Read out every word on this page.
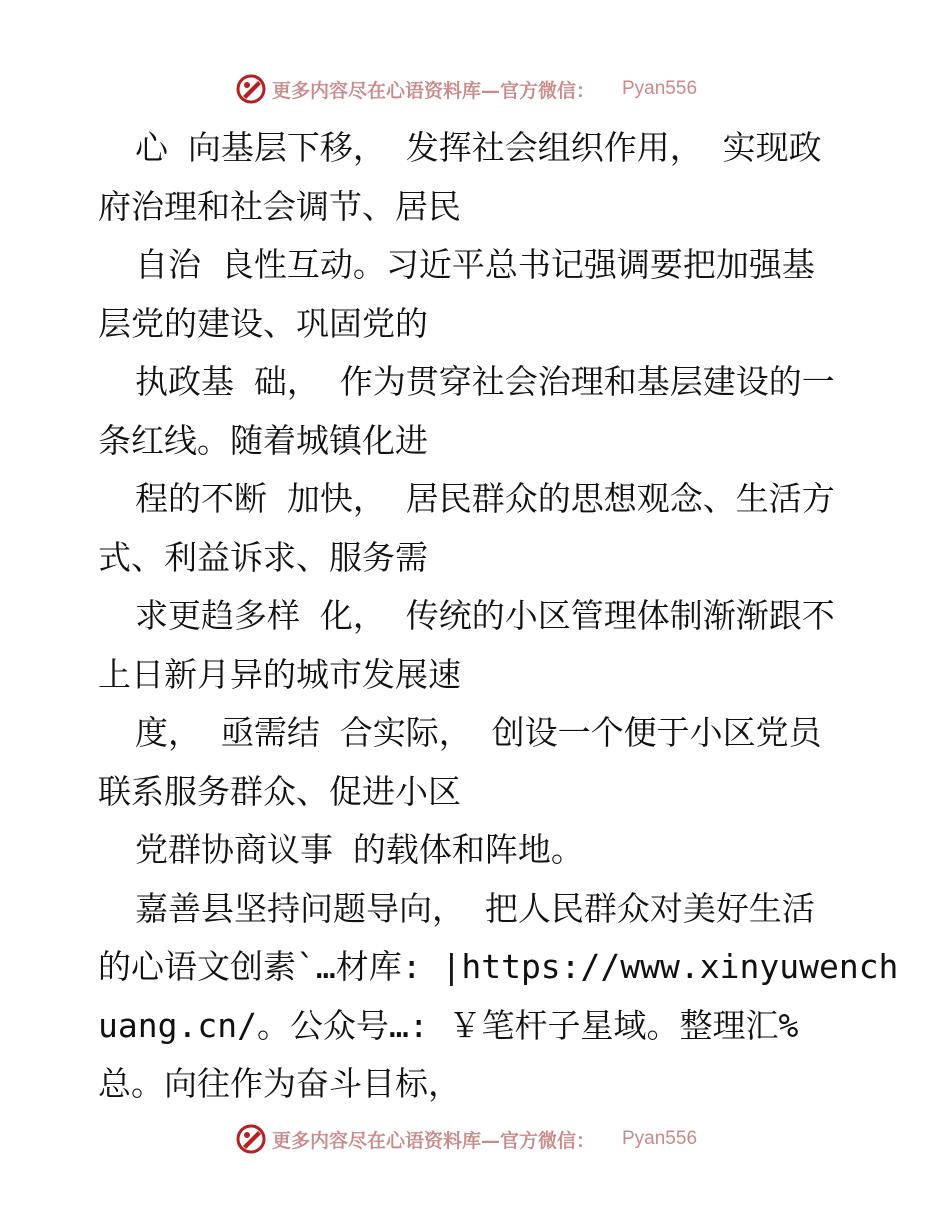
更多内容尽在心语资料库—官方微信： Pyan556
心 向基层下移， 发挥社会组织作用， 实现政
府治理和社会调节、居民
自治 良性互动。习近平总书记强调要把加强基
层党的建设、巩固党的
执政基 础， 作为贯穿社会治理和基层建设的一
条红线。随着城镇化进
程的不断 加快， 居民群众的思想观念、生活方
式、利益诉求、服务需
求更趋多样 化， 传统的小区管理体制渐渐跟不
上日新月异的城市发展速
度， 亟需结 合实际， 创设一个便于小区党员
联系服务群众、促进小区
党群协商议事 的载体和阵地。
嘉善县坚持问题导向， 把人民群众对美好生活
的心语文创素`…材库: |https://www.xinyuwench
uang.cn/。公众号…: ￥笔杆子星域。整理汇%
总。向往作为奋斗目标，
更多内容尽在心语资料库—官方微信： Pyan556
